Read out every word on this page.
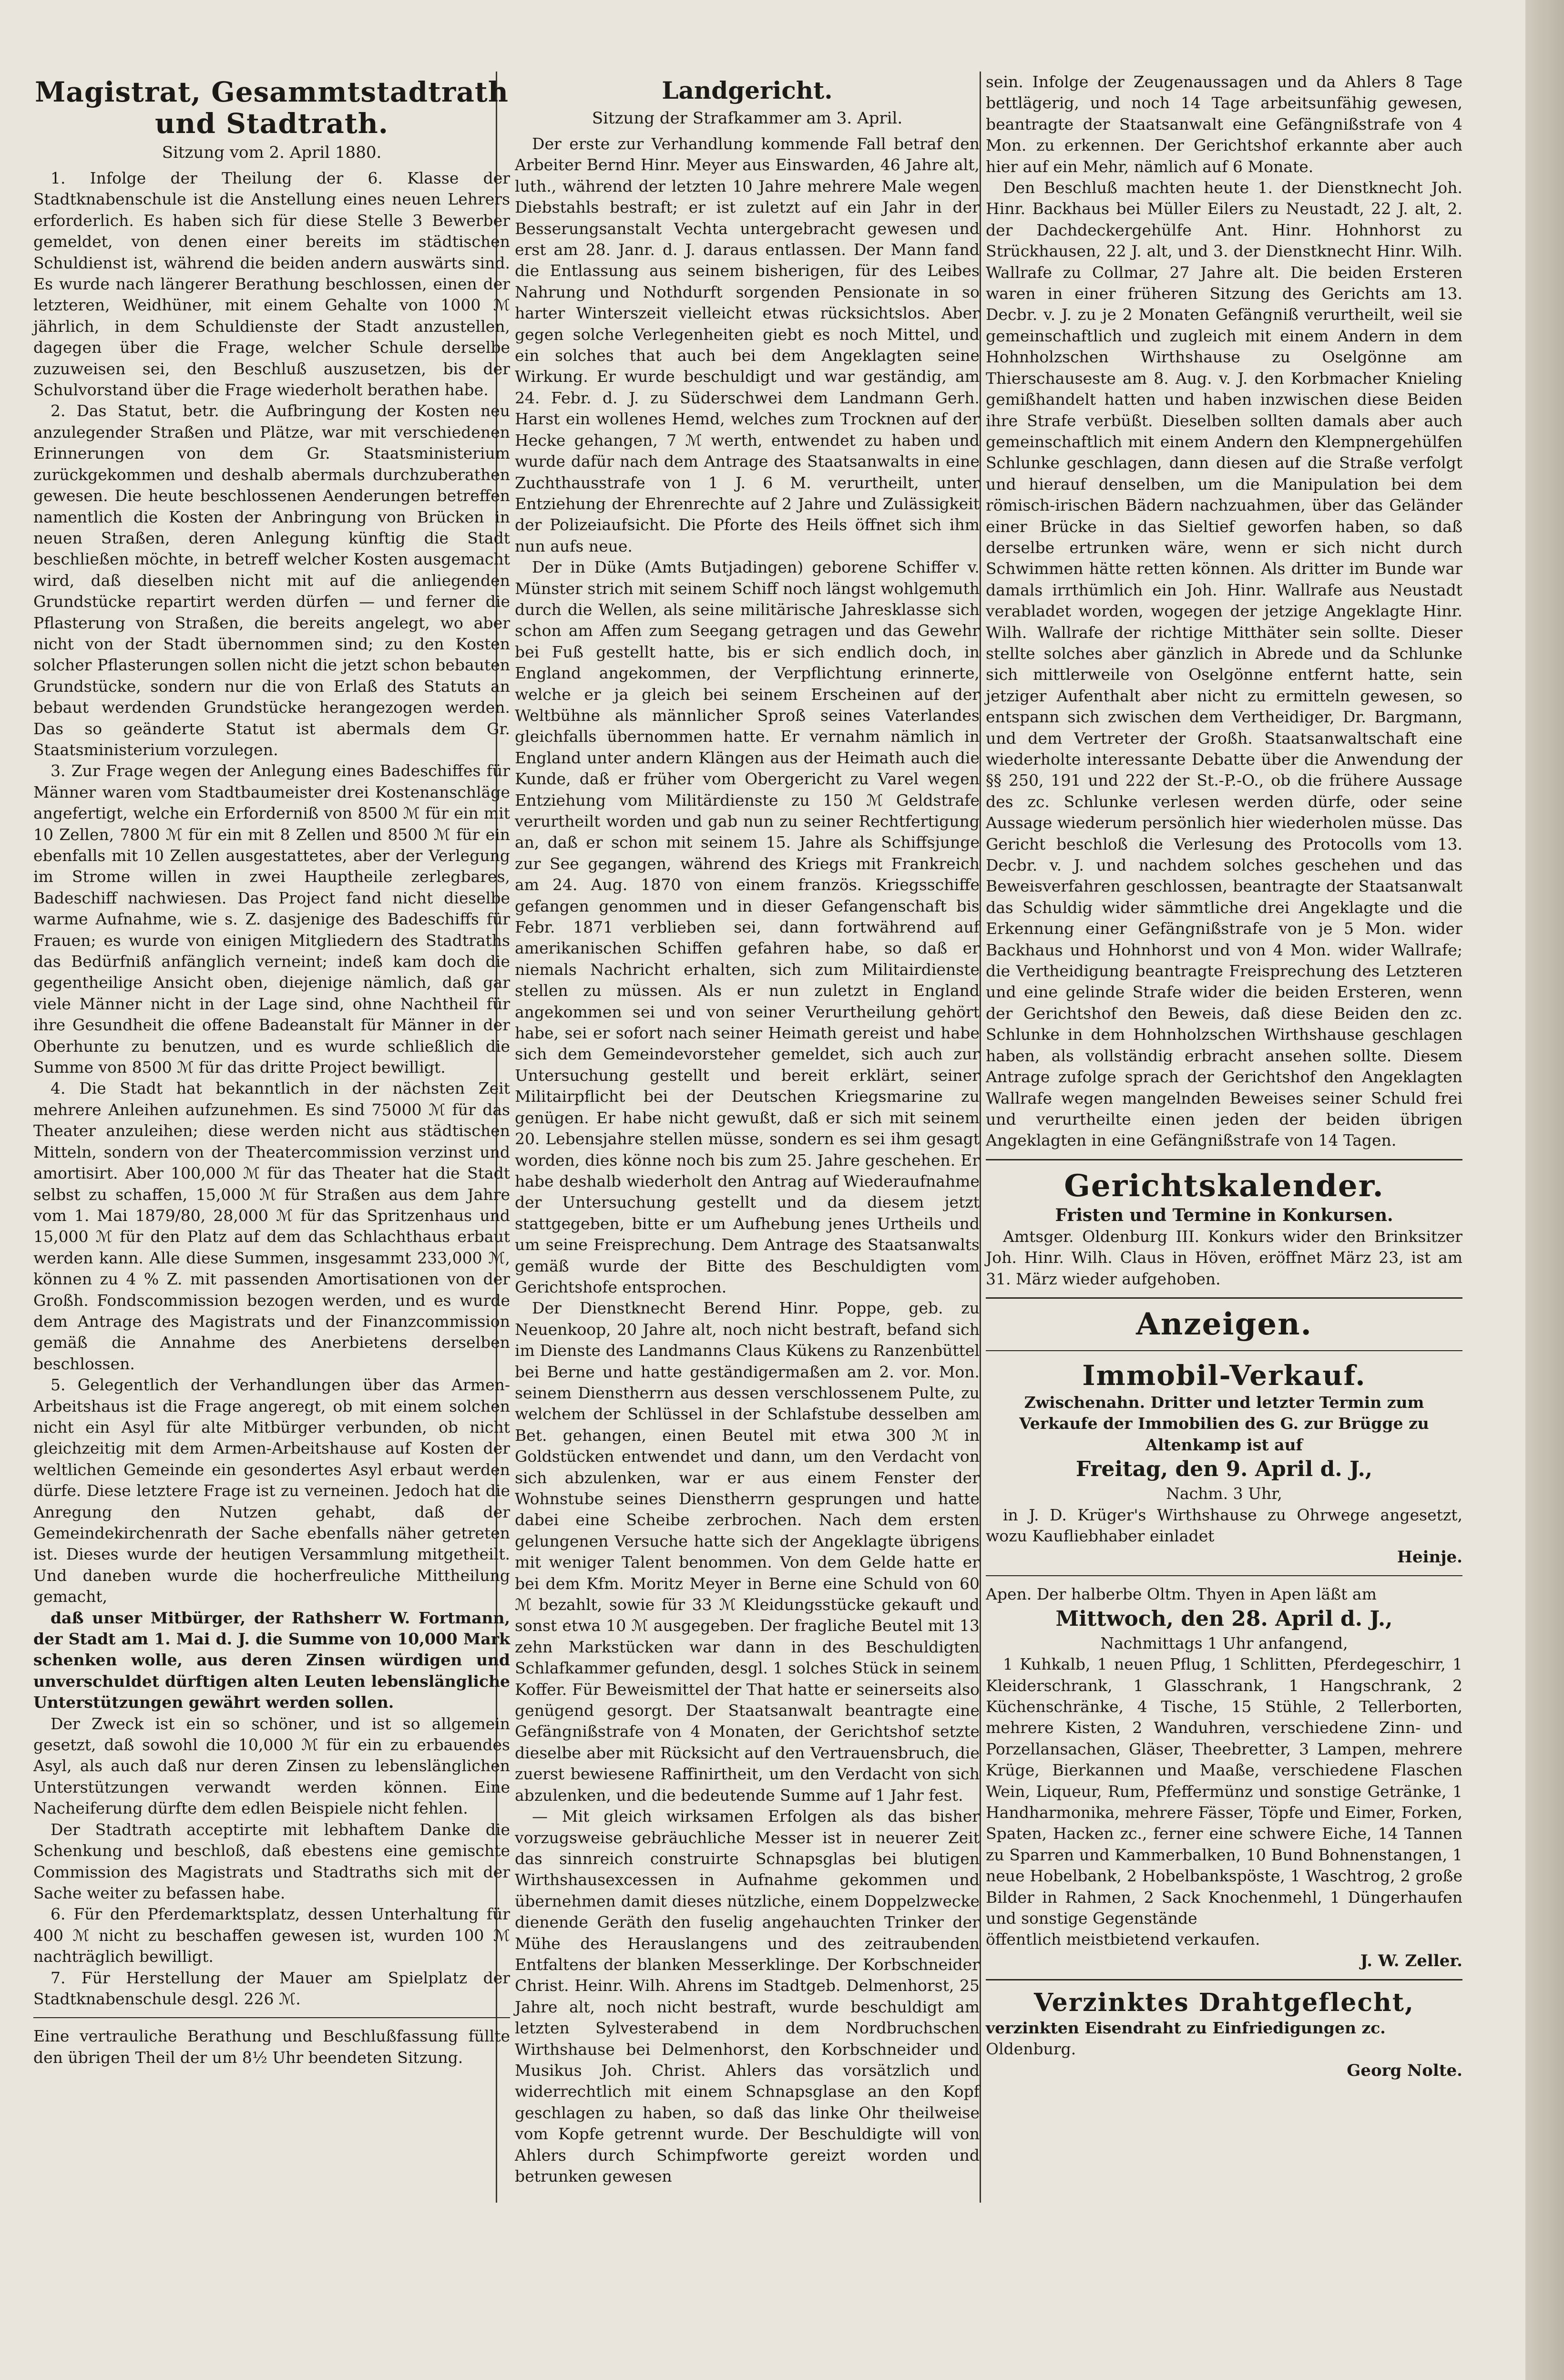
Magistrat, Gesammtstadtrath und Stadtrath.
Sitzung vom 2. April 1880.

1. Infolge der Theilung der 6. Klasse der Stadtknabenschule ist die Anstellung eines neuen Lehrers erforderlich. Es haben sich für diese Stelle 3 Bewerber gemeldet, von denen einer bereits im städtischen Schuldienst ist, während die beiden andern auswärts sind. Es wurde nach längerer Berathung beschlossen, einen der letzteren, Weidhüner, mit einem Gehalte von 1000 ℳ jährlich, in dem Schuldienste der Stadt anzustellen, dagegen über die Frage, welcher Schule derselbe zuzuweisen sei, den Beschluß auszusetzen, bis der Schulvorstand über die Frage wiederholt berathen habe.

2. Das Statut, betr. die Aufbringung der Kosten neu anzulegender Straßen und Plätze, war mit verschiedenen Erinnerungen von dem Gr. Staatsministerium zurückgekommen und deshalb abermals durchzuberathen gewesen. Die heute beschlossenen Aenderungen betreffen namentlich die Kosten der Anbringung von Brücken in neuen Straßen, deren Anlegung künftig die Stadt beschließen möchte, in betreff welcher Kosten ausgemacht wird, daß dieselben nicht mit auf die anliegenden Grundstücke repartirt werden dürfen — und ferner die Pflasterung von Straßen, die bereits angelegt, wo aber nicht von der Stadt übernommen sind; zu den Kosten solcher Pflasterungen sollen nicht die jetzt schon bebauten Grundstücke, sondern nur die von Erlaß des Statuts an bebaut werdenden Grundstücke herangezogen werden. Das so geänderte Statut ist abermals dem Gr. Staatsministerium vorzulegen.

3. Zur Frage wegen der Anlegung eines Badeschiffes für Männer waren vom Stadtbaumeister drei Kostenanschläge angefertigt, welche ein Erforderniß von 8500 ℳ für ein mit 10 Zellen, 7800 ℳ für ein mit 8 Zellen und 8500 ℳ für ein ebenfalls mit 10 Zellen ausgestattetes, aber der Verlegung im Strome willen in zwei Hauptheile zerlegbares, Badeschiff nachwiesen. Das Project fand nicht dieselbe warme Aufnahme, wie s. Z. dasjenige des Badeschiffs für Frauen; es wurde von einigen Mitgliedern des Stadtraths das Bedürfniß anfänglich verneint; indeß kam doch die gegentheilige Ansicht oben, diejenige nämlich, daß gar viele Männer nicht in der Lage sind, ohne Nachtheil für ihre Gesundheit die offene Badeanstalt für Männer in der Oberhunte zu benutzen, und es wurde schließlich die Summe von 8500 ℳ für das dritte Project bewilligt.

4. Die Stadt hat bekanntlich in der nächsten Zeit mehrere Anleihen aufzunehmen. Es sind 75000 ℳ für das Theater anzuleihen; diese werden nicht aus städtischen Mitteln, sondern von der Theatercommission verzinst und amortisirt. Aber 100,000 ℳ für das Theater hat die Stadt selbst zu schaffen, 15,000 ℳ für Straßen aus dem Jahre vom 1. Mai 1879/80, 28,000 ℳ für das Spritzenhaus und 15,000 ℳ für den Platz auf dem das Schlachthaus erbaut werden kann. Alle diese Summen, insgesammt 233,000 ℳ, können zu 4 % Z. mit passenden Amortisationen von der Großh. Fondscommission bezogen werden, und es wurde dem Antrage des Magistrats und der Finanzcommission gemäß die Annahme des Anerbietens derselben beschlossen.

5. Gelegentlich der Verhandlungen über das Armen-Arbeitshaus ist die Frage angeregt, ob mit einem solchen nicht ein Asyl für alte Mitbürger verbunden, ob nicht gleichzeitig mit dem Armen-Arbeitshause auf Kosten der weltlichen Gemeinde ein gesondertes Asyl erbaut werden dürfe. Diese letztere Frage ist zu verneinen. Jedoch hat die Anregung den Nutzen gehabt, daß der Gemeindekirchenrath der Sache ebenfalls näher getreten ist. Dieses wurde der heutigen Versammlung mitgetheilt. Und daneben wurde die hocherfreuliche Mittheilung gemacht,

daß unser Mitbürger, der Rathsherr W. Fortmann, der Stadt am 1. Mai d. J. die Summe von 10,000 Mark schenken wolle, aus deren Zinsen würdigen und unverschuldet dürftigen alten Leuten lebenslängliche Unterstützungen gewährt werden sollen.

Der Zweck ist ein so schöner, und ist so allgemein gesetzt, daß sowohl die 10,000 ℳ für ein zu erbauendes Asyl, als auch daß nur deren Zinsen zu lebenslänglichen Unterstützungen verwandt werden können. Eine Nacheiferung dürfte dem edlen Beispiele nicht fehlen.

Der Stadtrath acceptirte mit lebhaftem Danke die Schenkung und beschloß, daß ebestens eine gemischte Commission des Magistrats und Stadtraths sich mit der Sache weiter zu befassen habe.

6. Für den Pferdemarktsplatz, dessen Unterhaltung für 400 ℳ nicht zu beschaffen gewesen ist, wurden 100 ℳ nachträglich bewilligt.

7. Für Herstellung der Mauer am Spielplatz der Stadtknabenschule desgl. 226 ℳ.

Eine vertrauliche Berathung und Beschlußfassung füllte den übrigen Theil der um 8½ Uhr beendeten Sitzung.

Landgericht.
Sitzung der Strafkammer am 3. April.

Der erste zur Verhandlung kommende Fall betraf den Arbeiter Bernd Hinr. Meyer aus Einswarden, 46 Jahre alt, luth., während der letzten 10 Jahre mehrere Male wegen Diebstahls bestraft; er ist zuletzt auf ein Jahr in der Besserungsanstalt Vechta untergebracht gewesen und erst am 28. Janr. d. J. daraus entlassen. Der Mann fand die Entlassung aus seinem bisherigen, für des Leibes Nahrung und Nothdurft sorgenden Pensionate in so harter Winterszeit vielleicht etwas rücksichtslos. Aber gegen solche Verlegenheiten giebt es noch Mittel, und ein solches that auch bei dem Angeklagten seine Wirkung. Er wurde beschuldigt und war geständig, am 24. Febr. d. J. zu Süderschwei dem Landmann Gerh. Harst ein wollenes Hemd, welches zum Trocknen auf der Hecke gehangen, 7 ℳ werth, entwendet zu haben und wurde dafür nach dem Antrage des Staatsanwalts in eine Zuchthausstrafe von 1 J. 6 M. verurtheilt, unter Entziehung der Ehrenrechte auf 2 Jahre und Zulässigkeit der Polizeiaufsicht. Die Pforte des Heils öffnet sich ihm nun aufs neue.

Der in Düke (Amts Butjadingen) geborene Schiffer v. Münster strich mit seinem Schiff noch längst wohlgemuth durch die Wellen, als seine militärische Jahresklasse sich schon am Affen zum Seegang getragen und das Gewehr bei Fuß gestellt hatte, bis er sich endlich doch, in England angekommen, der Verpflichtung erinnerte, welche er ja gleich bei seinem Erscheinen auf der Weltbühne als männlicher Sproß seines Vaterlandes gleichfalls übernommen hatte. Er vernahm nämlich in England unter andern Klängen aus der Heimath auch die Kunde, daß er früher vom Obergericht zu Varel wegen Entziehung vom Militärdienste zu 150 ℳ Geldstrafe verurtheilt worden und gab nun zu seiner Rechtfertigung an, daß er schon mit seinem 15. Jahre als Schiffsjunge zur See gegangen, während des Kriegs mit Frankreich am 24. Aug. 1870 von einem französ. Kriegsschiffe gefangen genommen und in dieser Gefangenschaft bis Febr. 1871 verblieben sei, dann fortwährend auf amerikanischen Schiffen gefahren habe, so daß er niemals Nachricht erhalten, sich zum Militairdienste stellen zu müssen. Als er nun zuletzt in England angekommen sei und von seiner Verurtheilung gehört habe, sei er sofort nach seiner Heimath gereist und habe sich dem Gemeindevorsteher gemeldet, sich auch zur Untersuchung gestellt und bereit erklärt, seiner Militairpflicht bei der Deutschen Kriegsmarine zu genügen. Er habe nicht gewußt, daß er sich mit seinem 20. Lebensjahre stellen müsse, sondern es sei ihm gesagt worden, dies könne noch bis zum 25. Jahre geschehen. Er habe deshalb wiederholt den Antrag auf Wiederaufnahme der Untersuchung gestellt und da diesem jetzt stattgegeben, bitte er um Aufhebung jenes Urtheils und um seine Freisprechung. Dem Antrage des Staatsanwalts gemäß wurde der Bitte des Beschuldigten vom Gerichtshofe entsprochen.

Der Dienstknecht Berend Hinr. Poppe, geb. zu Neuenkoop, 20 Jahre alt, noch nicht bestraft, befand sich im Dienste des Landmanns Claus Kükens zu Ranzenbüttel bei Berne und hatte geständigermaßen am 2. vor. Mon. seinem Dienstherrn aus dessen verschlossenem Pulte, zu welchem der Schlüssel in der Schlafstube desselben am Bet. gehangen, einen Beutel mit etwa 300 ℳ in Goldstücken entwendet und dann, um den Verdacht von sich abzulenken, war er aus einem Fenster der Wohnstube seines Dienstherrn gesprungen und hatte dabei eine Scheibe zerbrochen. Nach dem ersten gelungenen Versuche hatte sich der Angeklagte übrigens mit weniger Talent benommen. Von dem Gelde hatte er bei dem Kfm. Moritz Meyer in Berne eine Schuld von 60 ℳ bezahlt, sowie für 33 ℳ Kleidungsstücke gekauft und sonst etwa 10 ℳ ausgegeben. Der fragliche Beutel mit 13 zehn Markstücken war dann in des Beschuldigten Schlafkammer gefunden, desgl. 1 solches Stück in seinem Koffer. Für Beweismittel der That hatte er seinerseits also genügend gesorgt. Der Staatsanwalt beantragte eine Gefängnißstrafe von 4 Monaten, der Gerichtshof setzte dieselbe aber mit Rücksicht auf den Vertrauensbruch, die zuerst bewiesene Raffinirtheit, um den Verdacht von sich abzulenken, und die bedeutende Summe auf 1 Jahr fest.

— Mit gleich wirksamen Erfolgen als das bisher vorzugsweise gebräuchliche Messer ist in neuerer Zeit das sinnreich construirte Schnapsglas bei blutigen Wirthshausexcessen in Aufnahme gekommen und übernehmen damit dieses nützliche, einem Doppelzwecke dienende Geräth den fuselig angehauchten Trinker der Mühe des Herauslangens und des zeitraubenden Entfaltens der blanken Messerklinge. Der Korbschneider Christ. Heinr. Wilh. Ahrens im Stadtgeb. Delmenhorst, 25 Jahre alt, noch nicht bestraft, wurde beschuldigt am letzten Sylvesterabend in dem Nordbruchschen Wirthshause bei Delmenhorst, den Korbschneider und Musikus Joh. Christ. Ahlers das vorsätzlich und widerrechtlich mit einem Schnapsglase an den Kopf geschlagen zu haben, so daß das linke Ohr theilweise vom Kopfe getrennt wurde. Der Beschuldigte will von Ahlers durch Schimpfworte gereizt worden und betrunken gewesen

sein. Infolge der Zeugenaussagen und da Ahlers 8 Tage bettlägerig, und noch 14 Tage arbeitsunfähig gewesen, beantragte der Staatsanwalt eine Gefängnißstrafe von 4 Mon. zu erkennen. Der Gerichtshof erkannte aber auch hier auf ein Mehr, nämlich auf 6 Monate.

Den Beschluß machten heute 1. der Dienstknecht Joh. Hinr. Backhaus bei Müller Eilers zu Neustadt, 22 J. alt, 2. der Dachdeckergehülfe Ant. Hinr. Hohnhorst zu Strückhausen, 22 J. alt, und 3. der Dienstknecht Hinr. Wilh. Wallrafe zu Collmar, 27 Jahre alt. Die beiden Ersteren waren in einer früheren Sitzung des Gerichts am 13. Decbr. v. J. zu je 2 Monaten Gefängniß verurtheilt, weil sie gemeinschaftlich und zugleich mit einem Andern in dem Hohnholzschen Wirthshause zu Oselgönne am Thierschauseste am 8. Aug. v. J. den Korbmacher Knieling gemißhandelt hatten und haben inzwischen diese Beiden ihre Strafe verbüßt. Dieselben sollten damals aber auch gemeinschaftlich mit einem Andern den Klempnergehülfen Schlunke geschlagen, dann diesen auf die Straße verfolgt und hierauf denselben, um die Manipulation bei dem römisch-irischen Bädern nachzuahmen, über das Geländer einer Brücke in das Sieltief geworfen haben, so daß derselbe ertrunken wäre, wenn er sich nicht durch Schwimmen hätte retten können. Als dritter im Bunde war damals irrthümlich ein Joh. Hinr. Wallrafe aus Neustadt verabladet worden, wogegen der jetzige Angeklagte Hinr. Wilh. Wallrafe der richtige Mitthäter sein sollte. Dieser stellte solches aber gänzlich in Abrede und da Schlunke sich mittlerweile von Oselgönne entfernt hatte, sein jetziger Aufenthalt aber nicht zu ermitteln gewesen, so entspann sich zwischen dem Vertheidiger, Dr. Bargmann, und dem Vertreter der Großh. Staatsanwaltschaft eine wiederholte interessante Debatte über die Anwendung der §§ 250, 191 und 222 der St.-P.-O., ob die frühere Aussage des zc. Schlunke verlesen werden dürfe, oder seine Aussage wiederum persönlich hier wiederholen müsse. Das Gericht beschloß die Verlesung des Protocolls vom 13. Decbr. v. J. und nachdem solches geschehen und das Beweisverfahren geschlossen, beantragte der Staatsanwalt das Schuldig wider sämmtliche drei Angeklagte und die Erkennung einer Gefängnißstrafe von je 5 Mon. wider Backhaus und Hohnhorst und von 4 Mon. wider Wallrafe; die Vertheidigung beantragte Freisprechung des Letzteren und eine gelinde Strafe wider die beiden Ersteren, wenn der Gerichtshof den Beweis, daß diese Beiden den zc. Schlunke in dem Hohnholzschen Wirthshause geschlagen haben, als vollständig erbracht ansehen sollte. Diesem Antrage zufolge sprach der Gerichtshof den Angeklagten Wallrafe wegen mangelnden Beweises seiner Schuld frei und verurtheilte einen jeden der beiden übrigen Angeklagten in eine Gefängnißstrafe von 14 Tagen.

Gerichtskalender.
Fristen und Termine in Konkursen.

Amtsger. Oldenburg III. Konkurs wider den Brinksitzer Joh. Hinr. Wilh. Claus in Höven, eröffnet März 23, ist am 31. März wieder aufgehoben.

Anzeigen.
Immobil-Verkauf.

Zwischenahn. Dritter und letzter Termin zum Verkaufe der Immobilien des G. zur Brügge zu Altenkamp ist auf

Freitag, den 9. April d. J.,

Nachm. 3 Uhr,

in J. D. Krüger's Wirthshause zu Ohrwege angesetzt, wozu Kaufliebhaber einladet

Heinje.

Apen. Der halberbe Oltm. Thyen in Apen läßt am

Mittwoch, den 28. April d. J.,

Nachmittags 1 Uhr anfangend,

1 Kuhkalb, 1 neuen Pflug, 1 Schlitten, Pferdegeschirr, 1 Kleiderschrank, 1 Glasschrank, 1 Hangschrank, 2 Küchenschränke, 4 Tische, 15 Stühle, 2 Tellerborten, mehrere Kisten, 2 Wanduhren, verschiedene Zinn- und Porzellansachen, Gläser, Theebretter, 3 Lampen, mehrere Krüge, Bierkannen und Maaße, verschiedene Flaschen Wein, Liqueur, Rum, Pfeffermünz und sonstige Getränke, 1 Handharmonika, mehrere Fässer, Töpfe und Eimer, Forken, Spaten, Hacken zc., ferner eine schwere Eiche, 14 Tannen zu Sparren und Kammerbalken, 10 Bund Bohnenstangen, 1 neue Hobelbank, 2 Hobelbankspöste, 1 Waschtrog, 2 große Bilder in Rahmen, 2 Sack Knochenmehl, 1 Düngerhaufen und sonstige Gegenstände

öffentlich meistbietend verkaufen.

J. W. Zeller.
Verzinktes Drahtgeflecht,

verzinkten Eisendraht zu Einfriedigungen zc.

Oldenburg.

Georg Nolte.
